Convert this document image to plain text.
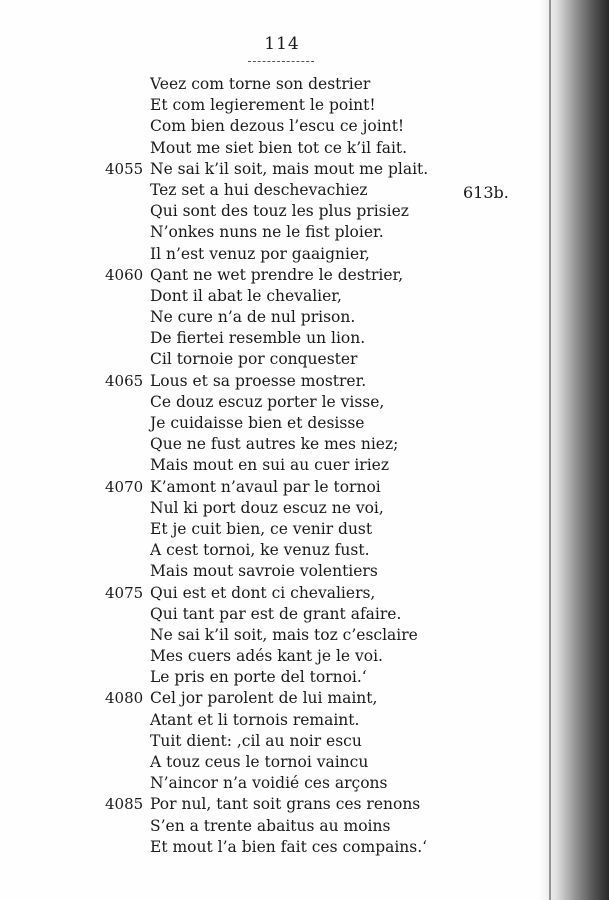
114
613b.
Veez com torne son destrier
Et com legierement le point!
Com bien dezous l’escu ce joint!
Mout me siet bien tot ce k’il fait.
4055 Ne sai k’il soit, mais mout me plait.
Tez set a hui deschevachiez
Qui sont des touz les plus prisiez
N’onkes nuns ne le fist ploier.
Il n’est venuz por gaaignier,
4060 Qant ne wet prendre le destrier,
Dont il abat le chevalier,
Ne cure n’a de nul prison.
De fiertei resemble un lion.
Cil tornoie por conquester
4065 Lous et sa proesse mostrer.
Ce douz escuz porter le visse,
Je cuidaisse bien et desisse
Que ne fust autres ke mes niez;
Mais mout en sui au cuer iriez
4070 K’amont n’avaul par le tornoi
Nul ki port douz escuz ne voi,
Et je cuit bien, ce venir dust
A cest tornoi, ke venuz fust.
Mais mout savroie volentiers
4075 Qui est et dont ci chevaliers,
Qui tant par est de grant afaire.
Ne sai k’il soit, mais toz c’esclaire
Mes cuers adés kant je le voi.
Le pris en porte del tornoi.‘
4080 Cel jor parolent de lui maint,
Atant et li tornois remaint.
Tuit dient: ,cil au noir escu
A touz ceus le tornoi vaincu
N’aincor n’a voidié ces arçons
4085 Por nul, tant soit grans ces renons
S’en a trente abaitus au moins
Et mout l’a bien fait ces compains.‘
